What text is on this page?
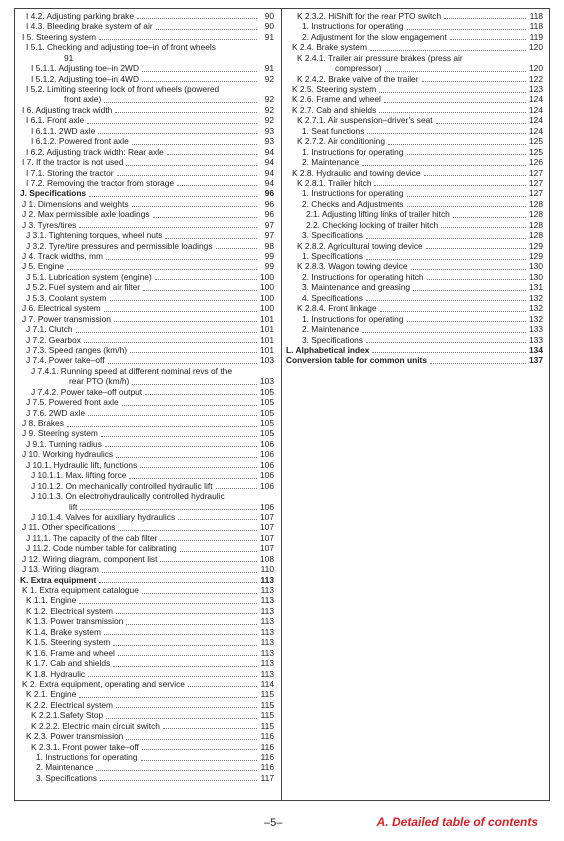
I 4.2. Adjusting parking brake	90
I 4.3. Bleeding brake system of air	90
I 5. Steering system	91
I 5.1. Checking and adjusting toe–in of front wheels
91
I 5.1.1. Adjusting toe–in 2WD	91
I 5.1.2. Adjusting toe–in 4WD	92
I 5.2. Limiting steering lock of front wheels (powered
front axle)	92
I 6. Adjusting track width	92
I 6.1. Front axle	92
I 6.1.1. 2WD axle	93
I 6.1.2. Powered front axle	93
I 6.2. Adjusting track width: Rear axle	94
I 7. If the tractor is not used	94
I 7.1. Storing the tractor	94
I 7.2. Removing the tractor from storage	94
J. Specifications	96
J 1. Dimensions and weights	96
J 2. Max permissible axle loadings	96
J 3. Tyres/tires	97
J 3.1. Tightening torques, wheel nuts	97
J 3.2. Tyre/tire pressures and permissible loadings	98
J 4. Track widths, mm	99
J 5. Engine	99
J 5.1. Lubrication system (engine)	100
J 5.2. Fuel system and air filter	100
J 5.3. Coolant system	100
J 6. Electrical system	100
J 7. Power transmission	101
J 7.1. Clutch	101
J 7.2. Gearbox	101
J 7.3. Speed ranges (km/h)	101
J 7.4. Power take–off	103
J 7.4.1. Running speed at different nominal revs of the
rear PTO (km/h)	103
J 7.4.2. Power take–off output	105
J 7.5. Powered front axle	105
J 7.6. 2WD axle	105
J 8. Brakes	105
J 9. Steering system	105
J 9.1. Turning radius	106
J 10. Working hydraulics	106
J 10.1. Hydraulic lift, functions	106
J 10.1.1. Max. lifting force	106
J 10.1.2. On mechanically controlled hydraulic lift	106
J 10.1.3. On electrohydraulically controlled hydraulic
lift	106
J 10.1.4. Valves for auxiliary hydraulics	107
J 11. Other specifications	107
J 11.1. The capacity of the cab filter	107
J 11.2. Code number table for calibrating	107
J 12. Wiring diagram, component list	108
J 13. Wiring diagram	110
K. Extra equipment	113
K 1. Extra equipment catalogue	113
K 1.1. Engine	113
K 1.2. Electrical system	113
K 1.3. Power transmission	113
K 1.4. Brake system	113
K 1.5. Steering system	113
K 1.6. Frame and wheel	113
K 1.7. Cab and shields	113
K 1.8. Hydraulic	113
K 2. Extra equipment, operating and service	114
K 2.1. Engine	115
K 2.2. Electrical system	115
K 2.2.1.Safety Stop	115
K 2.2.2. Electric main circuit switch	115
K 2.3. Power transmission	116
K 2.3.1. Front power take–off	116
1. Instructions for operating	116
2. Maintenance	116
3. Specifications	117
K 2.3.2. HiShift for the rear PTO switch	118
1. Instructions for operating	118
2. Adjustment for the slow engagement	119
K 2.4. Brake system	120
K 2.4.1. Trailer air pressure brakes (press air
compressor)	120
K 2.4.2. Brake valve of the trailer	122
K 2.5. Steering system	123
K 2.6. Frame and wheel	124
K 2.7. Cab and shields	124
K 2.7.1. Air suspension–driver’s seat	124
1. Seat functions	124
K 2.7.2. Air conditioning	125
1. Instructions for operating	125
2. Maintenance	126
K 2.8. Hydraulic and towing device	127
K 2.8.1. Trailer hitch	127
1. Instructions for operating	127
2. Checks and Adjustments	128
2.1. Adjusting lifting links of trailer hitch	128
2.2. Checking locking of trailer hitch	128
3. Specifications	128
K 2.8.2. Agricultural towing device	129
1. Specifications	129
K 2.8.3. Wagon towing device	130
2. Instructions for operating hitch	130
3. Maintenance and greasing	131
4. Specifications	132
K 2.8.4. Front linkage	132
1. Instructions for operating	132
2. Maintenance	133
3. Specifications	133
L. Alphabetical index	134
Conversion table for common units	137
–5–	A. Detailed table of contents
